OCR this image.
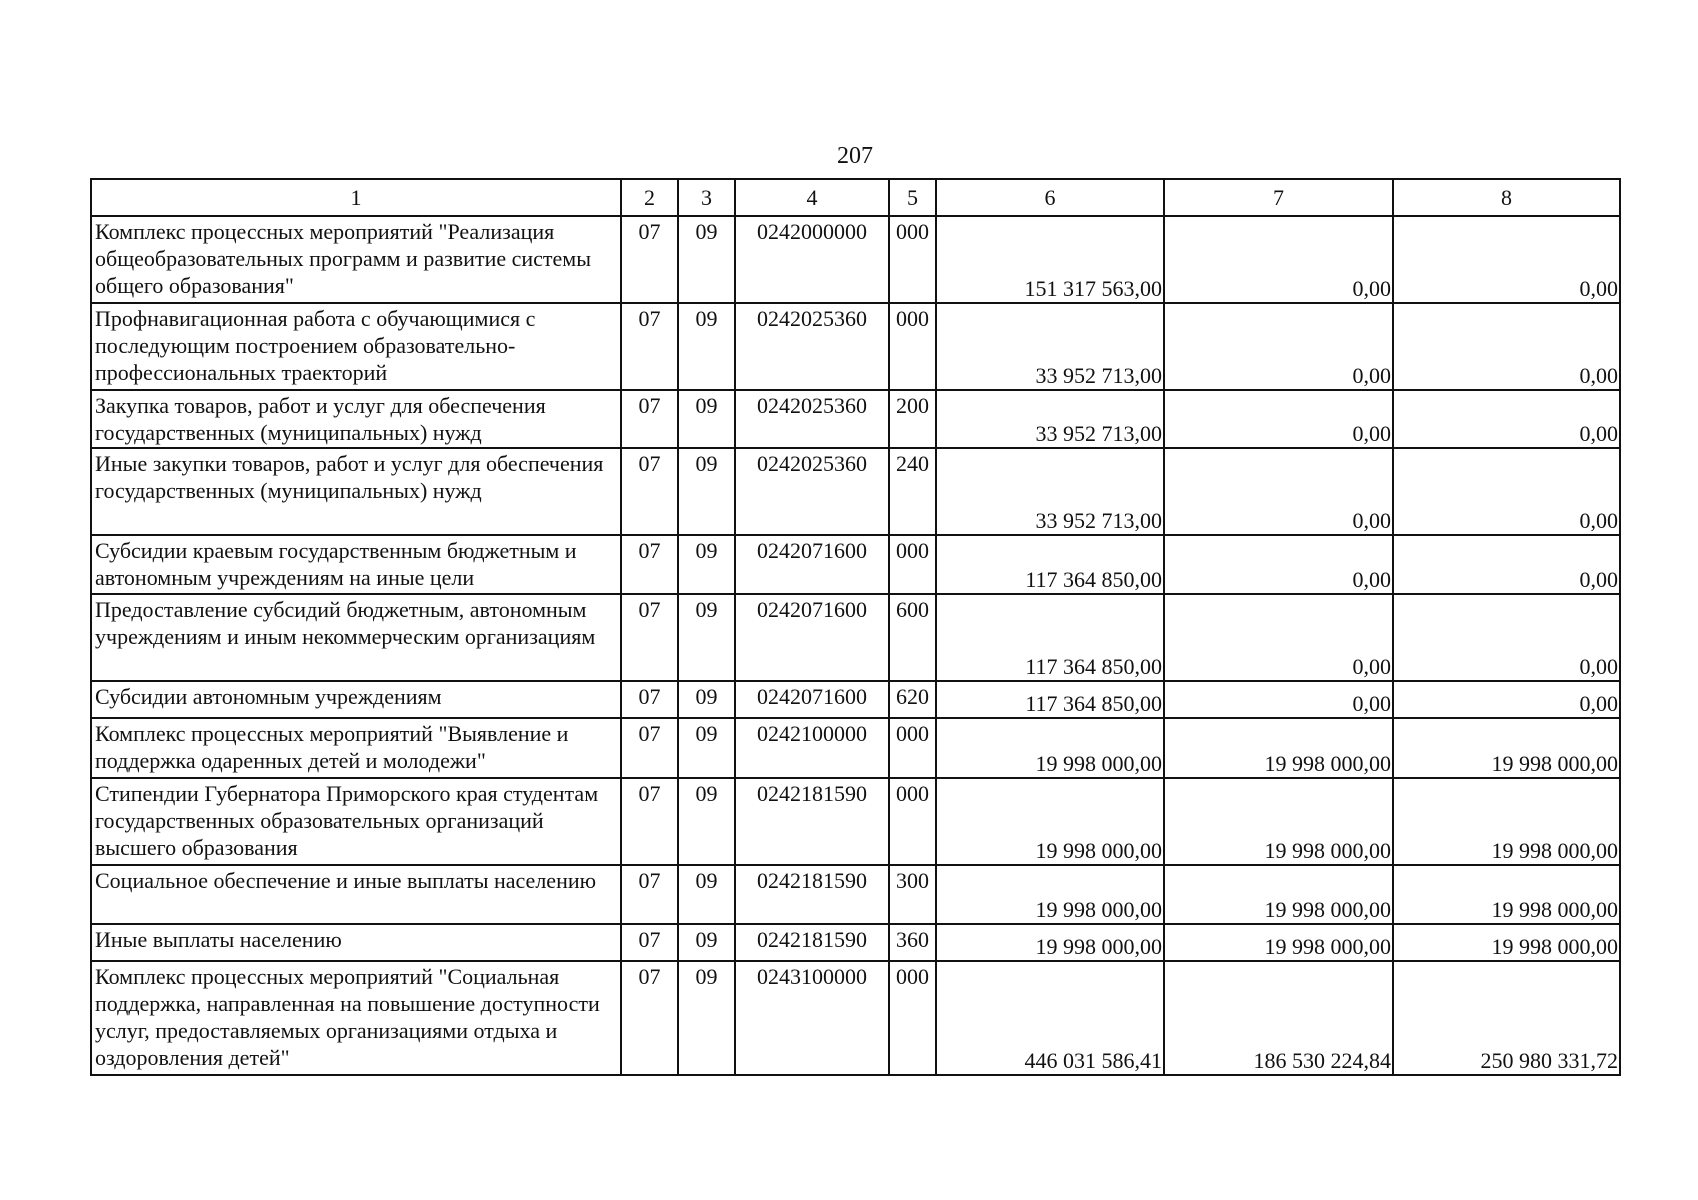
207
1	2	3	4	5	6	7	8
Комплекс процессных мероприятий "Реализация общеобразовательных программ и развитие системы общего образования"	07	09	0242000000	000	151 317 563,00	0,00	0,00
Профнавигационная работа с обучающимися с последующим построением образовательно-профессиональных траекторий	07	09	0242025360	000	33 952 713,00	0,00	0,00
Закупка товаров, работ и услуг для обеспечения государственных (муниципальных) нужд	07	09	0242025360	200	33 952 713,00	0,00	0,00
Иные закупки товаров, работ и услуг для обеспечения государственных (муниципальных) нужд	07	09	0242025360	240	33 952 713,00	0,00	0,00
Субсидии краевым государственным бюджетным и автономным учреждениям на иные цели	07	09	0242071600	000	117 364 850,00	0,00	0,00
Предоставление субсидий бюджетным, автономным учреждениям и иным некоммерческим организациям	07	09	0242071600	600	117 364 850,00	0,00	0,00
Субсидии автономным учреждениям	07	09	0242071600	620	117 364 850,00	0,00	0,00
Комплекс процессных мероприятий "Выявление и поддержка одаренных детей и молодежи"	07	09	0242100000	000	19 998 000,00	19 998 000,00	19 998 000,00
Стипендии Губернатора Приморского края студентам государственных образовательных организаций высшего образования	07	09	0242181590	000	19 998 000,00	19 998 000,00	19 998 000,00
Социальное обеспечение и иные выплаты населению	07	09	0242181590	300	19 998 000,00	19 998 000,00	19 998 000,00
Иные выплаты населению	07	09	0242181590	360	19 998 000,00	19 998 000,00	19 998 000,00
Комплекс процессных мероприятий "Социальная поддержка, направленная на повышение доступности услуг, предоставляемых организациями отдыха и оздоровления детей"	07	09	0243100000	000	446 031 586,41	186 530 224,84	250 980 331,72
